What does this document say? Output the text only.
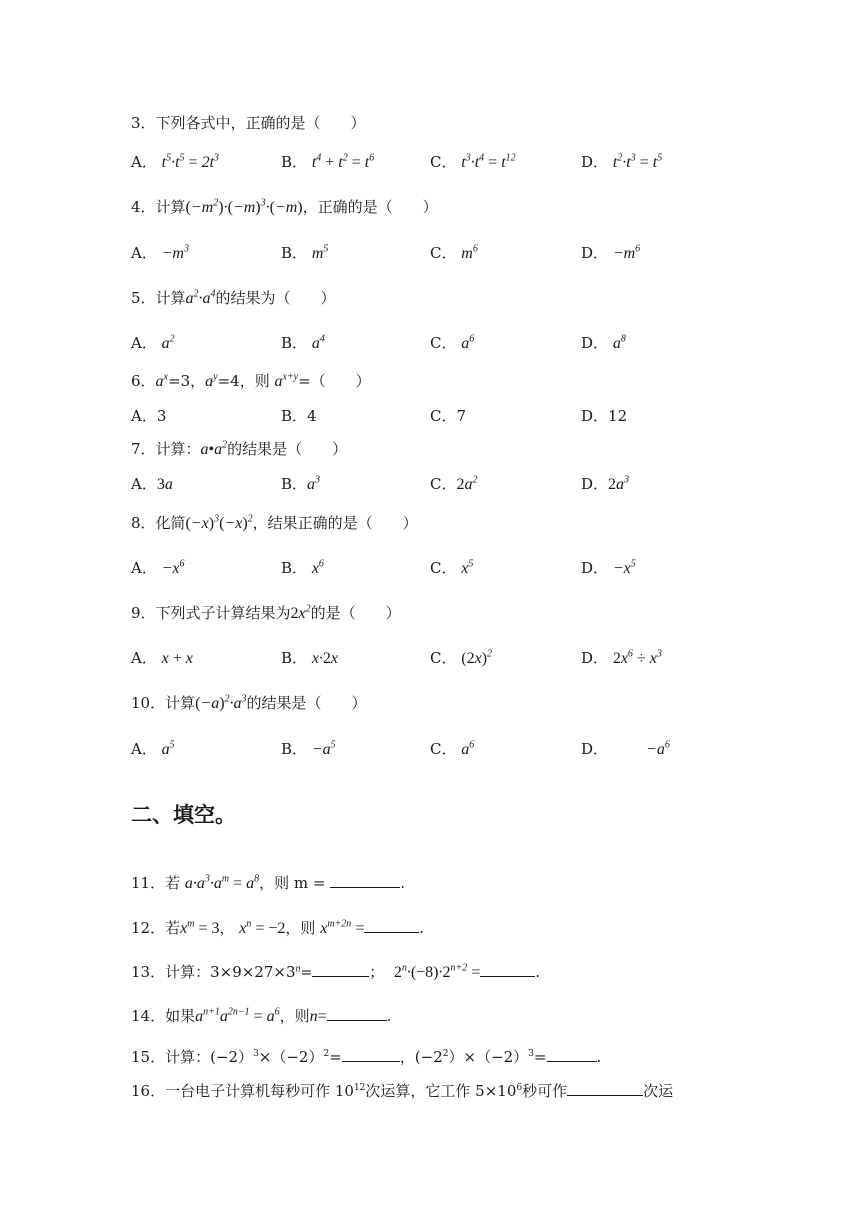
3．下列各式中，正确的是（　　）
A． $t^5\cdot t^5 = 2t^3$	B． $t^4 + t^2 = t^6$	C． $t^3\cdot t^4 = t^{12}$	D． $t^2\cdot t^3 = t^5$
4．计算$(-m^2)\cdot(-m)^3\cdot(-m)$，正确的是（　　）
A． $-m^3$	B． $m^5$	C． $m^6$	D． $-m^6$
5．计算$a^2\cdot a^4$的结果为（　　）
A． $a^2$	B． $a^4$	C． $a^6$	D． $a^8$
6．$a^x=3$，$a^y=4$，则 $a^{x+y}=$（　　）
A．3	B．4	C．7	D．12
7．计算：$a•a^2$的结果是（　　）
A．3a	B．$a^3$	C．$2a^2$	D．$2a^3$
8．化简$(-x)^3(-x)^2$，结果正确的是（　　）
A． $-x^6$	B． $x^6$	C． $x^5$	D． $-x^5$
9．下列式子计算结果为$2x^2$的是（　　）
A． x + x	B． x·2x	C． $(2x)^2$	D． $2x^6 \div x^3$
10．计算$(-a)^2\cdot a^3$的结果是（　　）
A． $a^5$	B． $-a^5$	C． $a^6$	D． $-a^6$
二、填空。
11．若 $a\cdot a^3\cdot a^m = a^8$，则 m =	.
12．若$x^m = 3$， $x^n = -2$，则 $x^{m+2n}$ =	.
13．计算：$3\times 9\times 27\times 3^n=$	； $2^n\cdot(-8)\cdot 2^{n+2}$ =	.
14．如果$a^{n+1}a^{2n-1} = a^6$，则n=	.
15．计算：$(-2)^3\times(-2)^2=$	，$(-2^2)\times(-2)^3=$	.
16．一台电子计算机每秒可作 $10^{12}$次运算，它工作 $5\times 10^6$秒可作	次运
